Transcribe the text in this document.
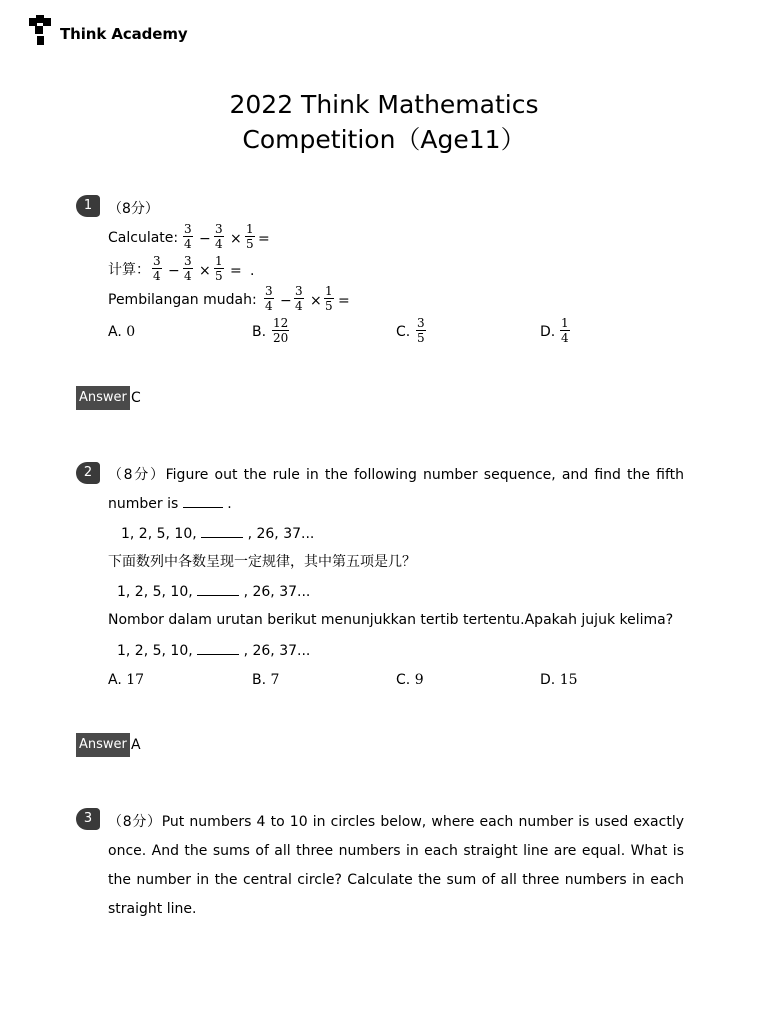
Think Academy
2022 Think Mathematics
Competition（Age11）
1	（8分）
Calculate: $\frac{3}{4} - \frac{3}{4} \times \frac{1}{5}$ =
计算： $\frac{3}{4} - \frac{3}{4} \times \frac{1}{5}$ = .
Pembilangan mudah: $\frac{3}{4} - \frac{3}{4} \times \frac{1}{5}$ =
A. 0	B. $\frac{12}{20}$	C. $\frac{3}{5}$	D. $\frac{1}{4}$
Answer C
2	（8分）Figure out the rule in the following number sequence, and find the fifth number is	.
1, 2, 5, 10,	, 26, 37...
下面数列中各数呈现一定规律，其中第五项是几？
1, 2, 5, 10,	, 26, 37...
Nombor dalam urutan berikut menunjukkan tertib tertentu.Apakah jujuk kelima?
1, 2, 5, 10,	, 26, 37...
A. 17	B. 7	C. 9	D. 15
Answer A
3	（8分）Put numbers 4 to 10 in circles below, where each number is used exactly once. And the sums of all three numbers in each straight line are equal. What is the number in the central circle? Calculate the sum of all three numbers in each straight line.
